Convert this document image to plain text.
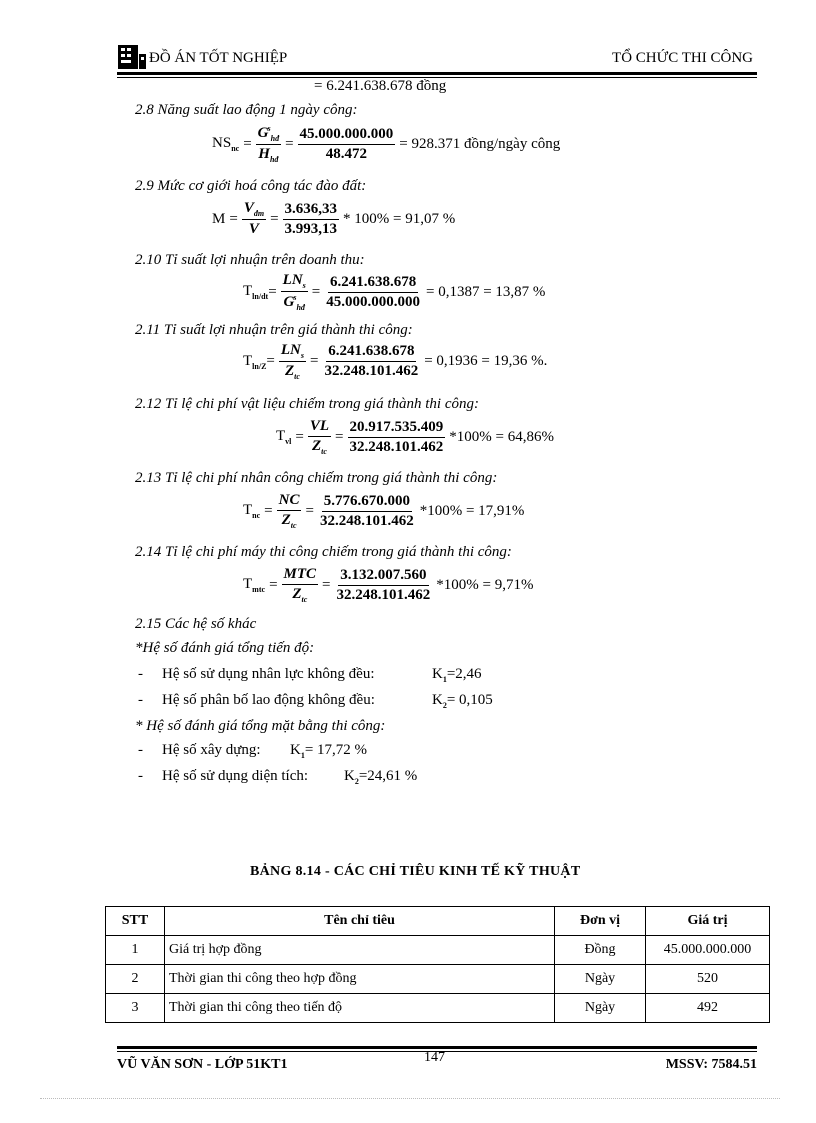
ĐỒ ÁN TỐT NGHIỆP	TỔ CHỨC THI CÔNG
= 6.241.638.678 đồng
2.8 Năng suất lao động 1 ngày công:
$NS_{nc} = \frac{G^s_{hđ}}{H_{hđ}} = \frac{45.000.000.000}{48.472} = 928.371$ đồng/ngày công
2.9 Mức cơ giới hoá công tác đào đất:
$M = \frac{V_{đm}}{V} = \frac{3.636,33}{3.993,13} * 100\% = 91,07$ %
2.10 Tỉ suất lợi nhuận trên doanh thu:
$T_{ln/dt} = \frac{LN_s}{G^s_{hđ}} = \frac{6.241.638.678}{45.000.000.000} = 0,1387 = 13,87$ %
2.11 Tỉ suất lợi nhuận trên giá thành thi công:
$T_{ln/Z} = \frac{LN_s}{Z_{tc}} = \frac{6.241.638.678}{32.248.101.462} = 0,1936 = 19,36$ %.
2.12 Tỉ lệ chi phí vật liệu chiếm trong giá thành thi công:
$T_{vl} = \frac{VL}{Z_{tc}} = \frac{20.917.535.409}{32.248.101.462} *100\% = 64,86\%$
2.13 Tỉ lệ chi phí nhân công chiếm trong giá thành thi công:
$T_{nc} = \frac{NC}{Z_{tc}} = \frac{5.776.670.000}{32.248.101.462} *100\% = 17,91\%$
2.14 Tỉ lệ chi phí máy thi công chiếm trong giá thành thi công:
$T_{mtc} = \frac{\text{MTC}}{Z_{tc}} = \frac{3.132.007.560}{32.248.101.462} *100\% = 9,71\%$
2.15 Các hệ số khác
*Hệ số đánh giá tổng tiến độ:
- Hệ số sử dụng nhân lực không đều:	$K_1=2,46$
- Hệ số phân bố lao động không đều:	$K_2= 0,105$
* Hệ số đánh giá tổng mặt bằng thi công:
- Hệ số xây dựng: $K_1= 17,72$ %
- Hệ số sử dụng diện tích: $K_2=24,61$ %
BẢNG 8.14 - CÁC CHỈ TIÊU KINH TẾ KỸ THUẬT
STT	Tên chỉ tiêu	Đơn vị	Giá trị
1	Giá trị hợp đồng	Đồng	45.000.000.000
2	Thời gian thi công theo hợp đồng	Ngày	520
3	Thời gian thi công theo tiến độ	Ngày	492
VŨ VĂN SƠN - LỚP 51KT1	147	MSSV: 7584.51
